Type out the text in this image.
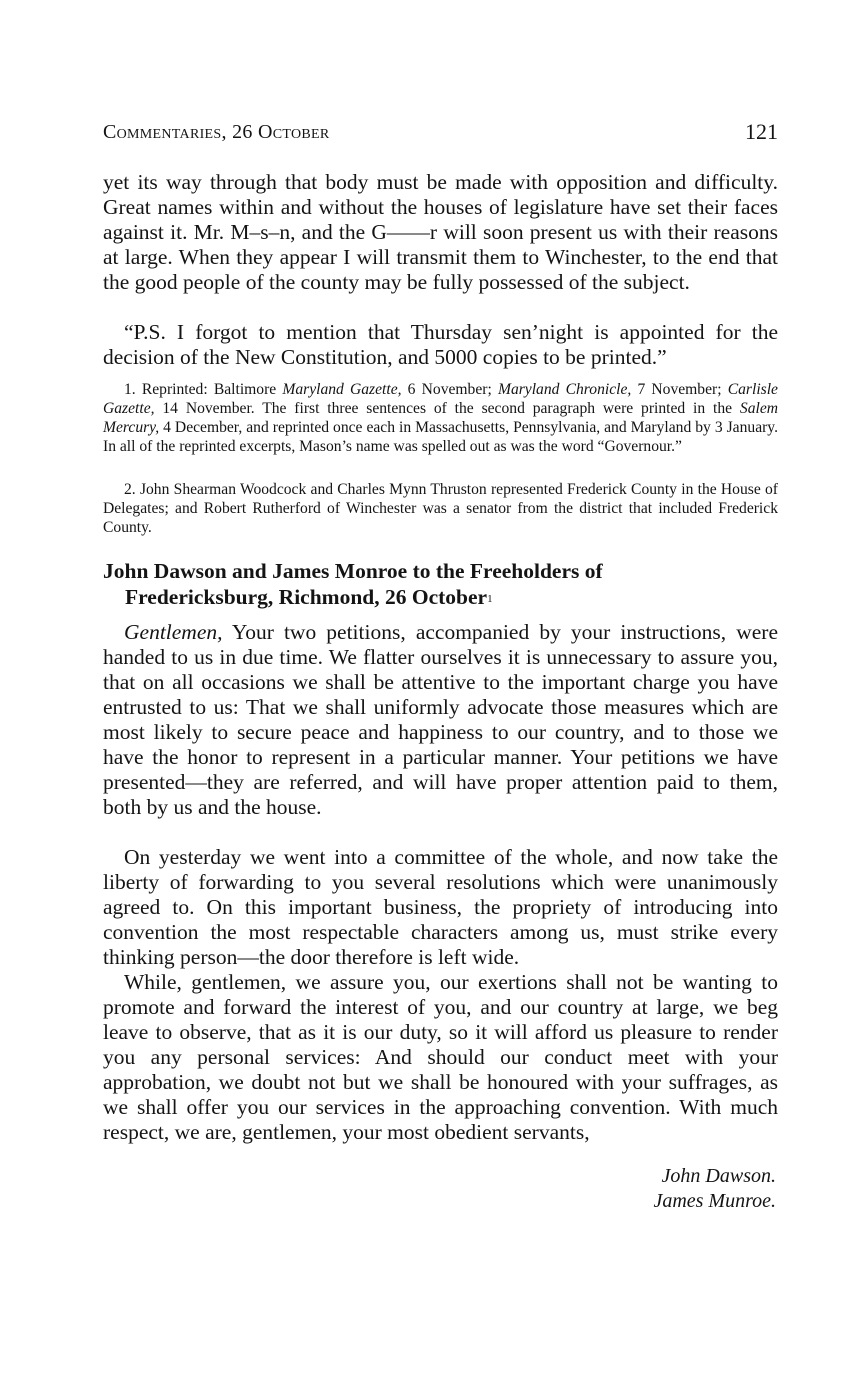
Commentaries, 26 October	121

yet its way through that body must be made with opposition and difficulty. Great names within and without the houses of legislature have set their faces against it. Mr. M–s–n, and the G——r will soon present us with their reasons at large. When they appear I will transmit them to Winchester, to the end that the good people of the county may be fully possessed of the subject.

“P.S. I forgot to mention that Thursday sen’night is appointed for the decision of the New Constitution, and 5000 copies to be printed.”

1. Reprinted: Baltimore Maryland Gazette, 6 November; Maryland Chronicle, 7 November; Carlisle Gazette, 14 November. The first three sentences of the second paragraph were printed in the Salem Mercury, 4 December, and reprinted once each in Massachusetts, Pennsylvania, and Maryland by 3 January. In all of the reprinted excerpts, Mason’s name was spelled out as was the word “Governour.”

2. John Shearman Woodcock and Charles Mynn Thruston represented Frederick County in the House of Delegates; and Robert Rutherford of Winchester was a senator from the district that included Frederick County.

John Dawson and James Monroe to the Freeholders of
Fredericksburg, Richmond, 26 October$^1$

Gentlemen, Your two petitions, accompanied by your instructions, were handed to us in due time. We flatter ourselves it is unnecessary to assure you, that on all occasions we shall be attentive to the important charge you have entrusted to us: That we shall uniformly advocate those measures which are most likely to secure peace and happiness to our country, and to those we have the honor to represent in a particular manner. Your petitions we have presented—they are referred, and will have proper attention paid to them, both by us and the house.

On yesterday we went into a committee of the whole, and now take the liberty of forwarding to you several resolutions which were unanimously agreed to. On this important business, the propriety of introducing into convention the most respectable characters among us, must strike every thinking person—the door therefore is left wide.

While, gentlemen, we assure you, our exertions shall not be wanting to promote and forward the interest of you, and our country at large, we beg leave to observe, that as it is our duty, so it will afford us pleasure to render you any personal services: And should our conduct meet with your approbation, we doubt not but we shall be honoured with your suffrages, as we shall offer you our services in the approaching convention. With much respect, we are, gentlemen, your most obedient servants,

John Dawson.

James Munroe.
